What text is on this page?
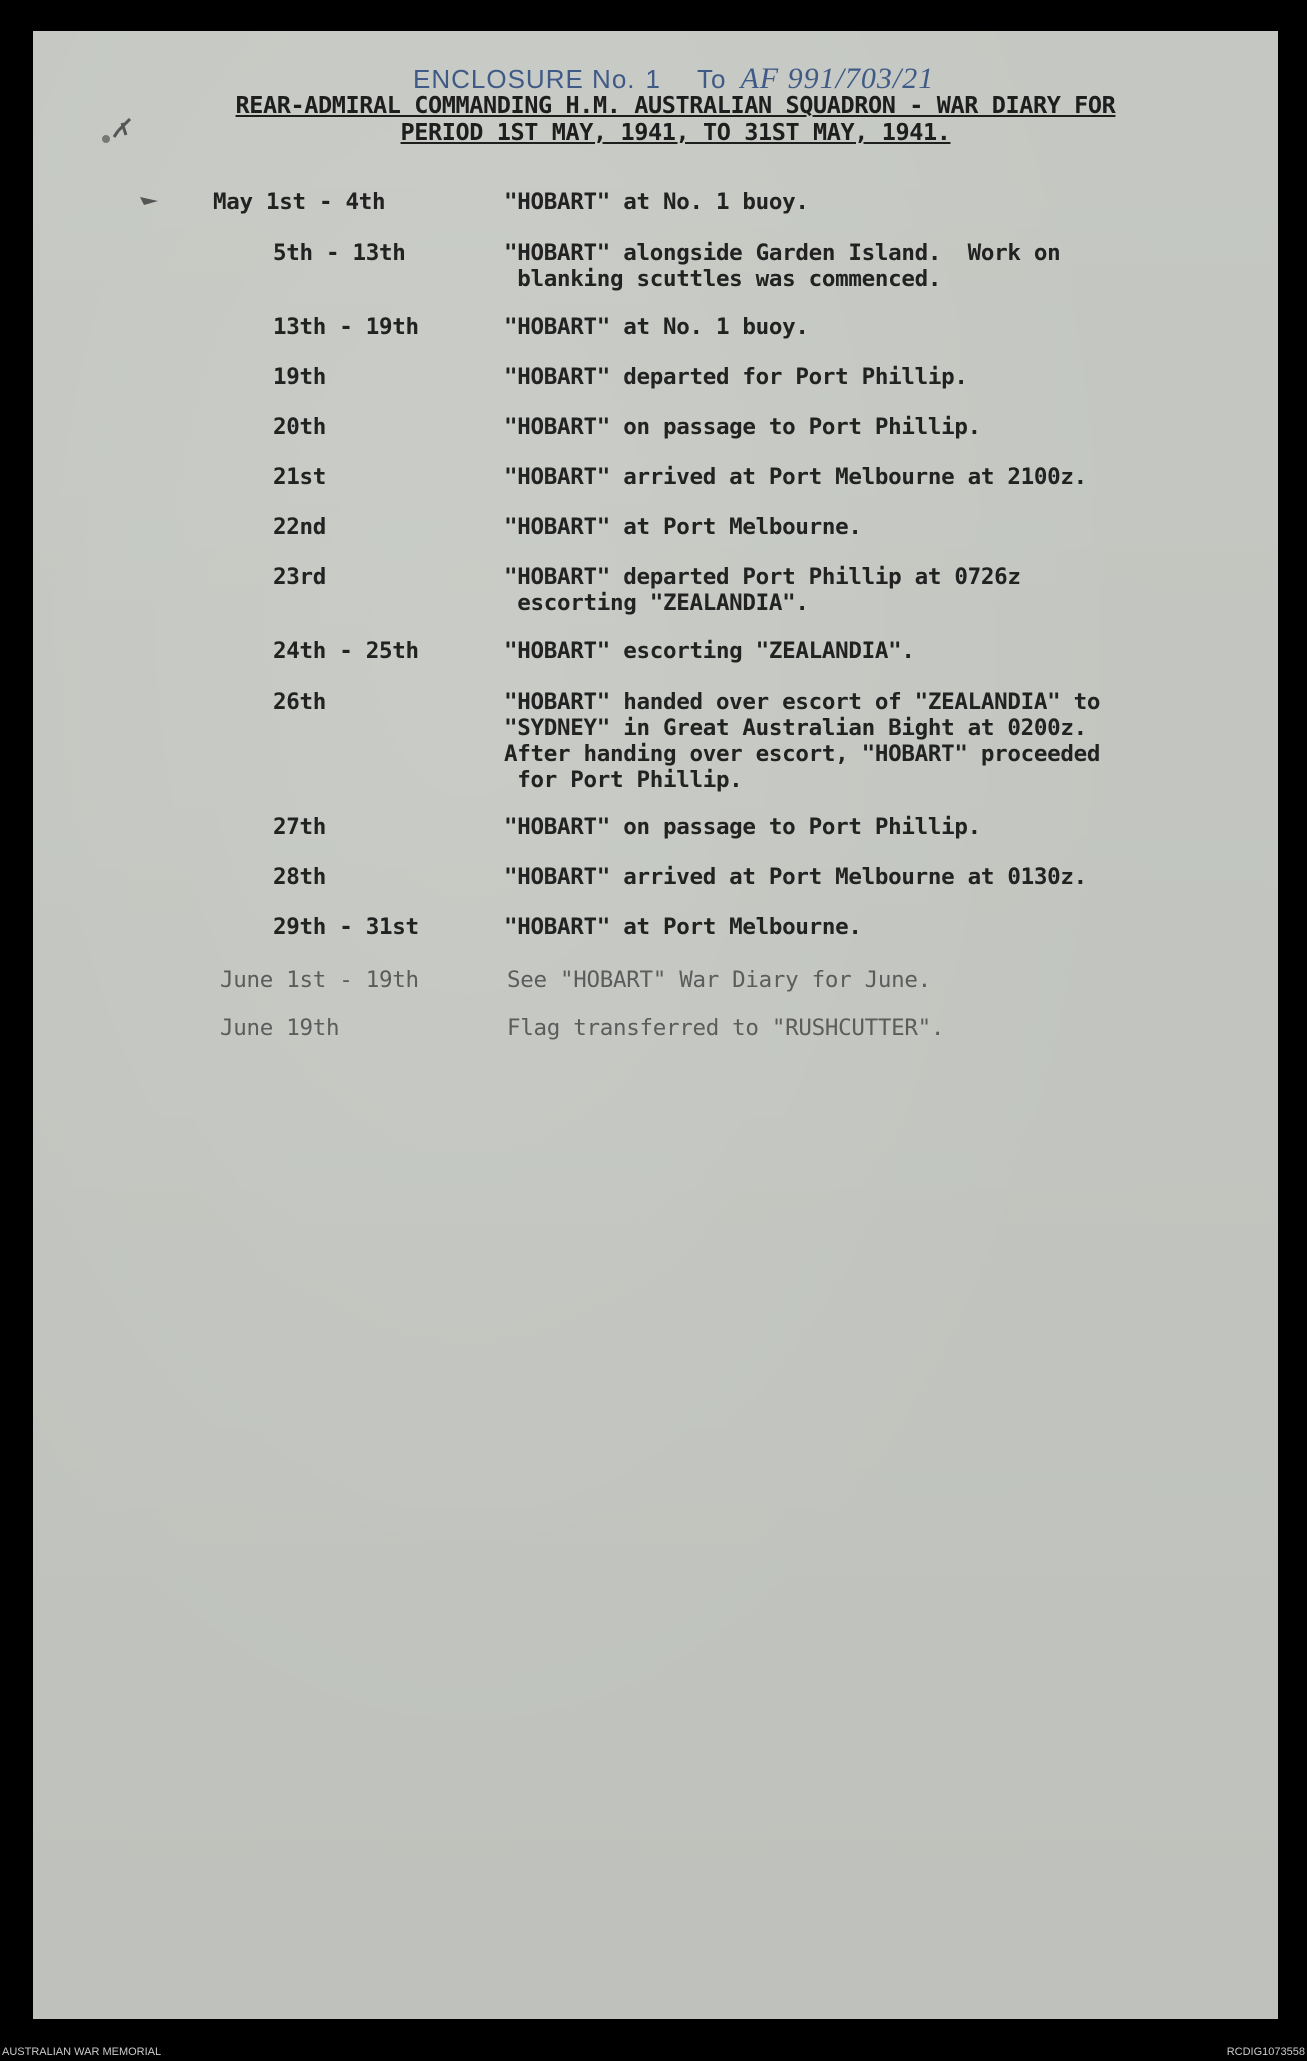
ENCLOSURE No. 1 To AF 991/703/21
REAR-ADMIRAL COMMANDING H.M. AUSTRALIAN SQUADRON - WAR DIARY FOR
PERIOD 1ST MAY, 1941, TO 31ST MAY, 1941.
May 1st - 4th	"HOBART" at No. 1 buoy.
5th - 13th	"HOBART" alongside Garden Island.  Work on
blanking scuttles was commenced.
13th - 19th	"HOBART" at No. 1 buoy.
19th	"HOBART" departed for Port Phillip.
20th	"HOBART" on passage to Port Phillip.
21st	"HOBART" arrived at Port Melbourne at 2100z.
22nd	"HOBART" at Port Melbourne.
23rd	"HOBART" departed Port Phillip at 0726z
escorting "ZEALANDIA".
24th - 25th	"HOBART" escorting "ZEALANDIA".
26th	"HOBART" handed over escort of "ZEALANDIA" to
"SYDNEY" in Great Australian Bight at 0200z.
After handing over escort, "HOBART" proceeded
for Port Phillip.
27th	"HOBART" on passage to Port Phillip.
28th	"HOBART" arrived at Port Melbourne at 0130z.
29th - 31st	"HOBART" at Port Melbourne.
June 1st - 19th	See "HOBART" War Diary for June.
June 19th	Flag transferred to "RUSHCUTTER".
AUSTRALIAN WAR MEMORIAL	RCDIG1073558
